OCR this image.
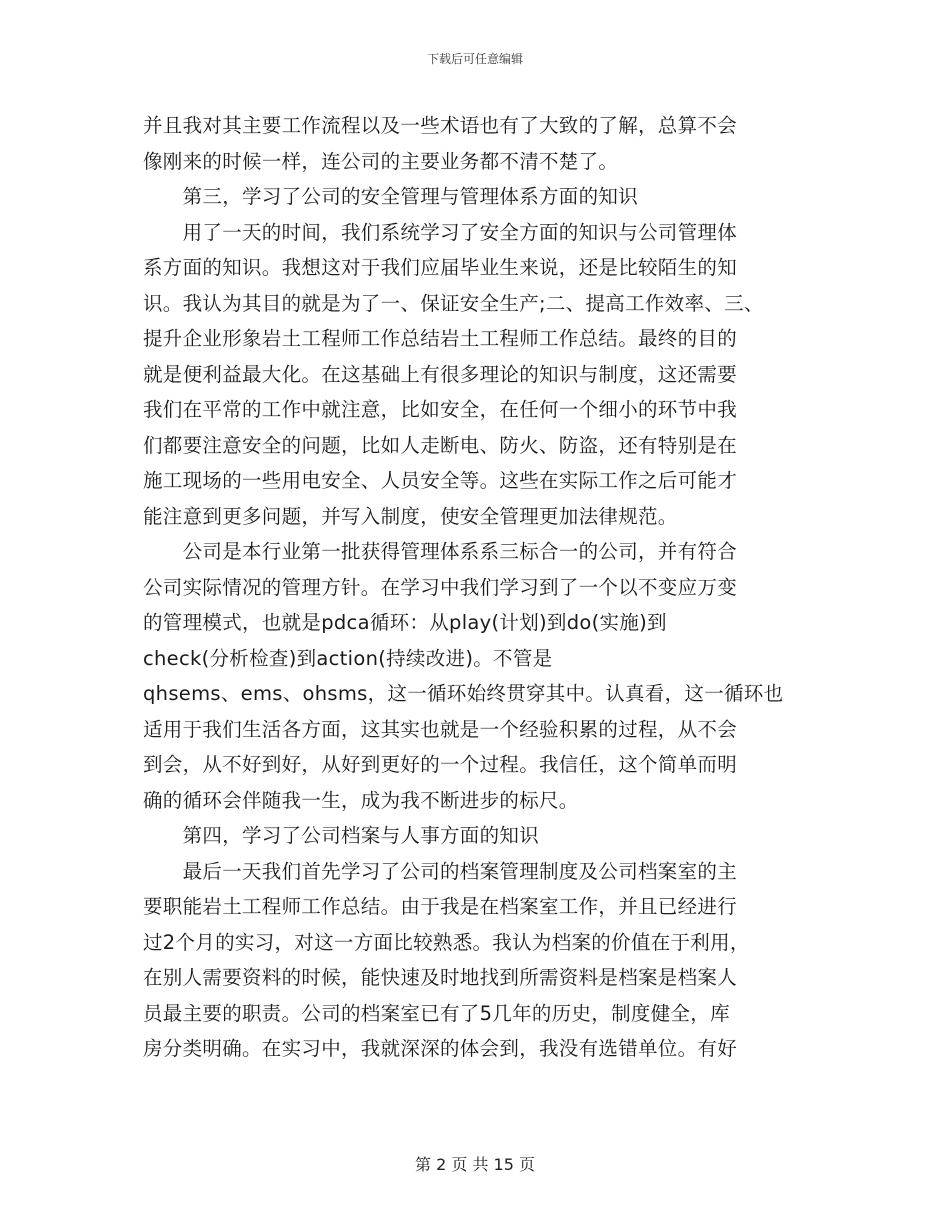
下载后可任意编辑
并且我对其主要工作流程以及一些术语也有了大致的了解，总算不会
像刚来的时候一样，连公司的主要业务都不清不楚了。
　　第三，学习了公司的安全管理与管理体系方面的知识
　　用了一天的时间，我们系统学习了安全方面的知识与公司管理体
系方面的知识。我想这对于我们应届毕业生来说，还是比较陌生的知
识。我认为其目的就是为了一、保证安全生产;二、提高工作效率、三、
提升企业形象岩土工程师工作总结岩土工程师工作总结。最终的目的
就是便利益最大化。在这基础上有很多理论的知识与制度，这还需要
我们在平常的工作中就注意，比如安全，在任何一个细小的环节中我
们都要注意安全的问题，比如人走断电、防火、防盗，还有特别是在
施工现场的一些用电安全、人员安全等。这些在实际工作之后可能才
能注意到更多问题，并写入制度，使安全管理更加法律规范。
　　公司是本行业第一批获得管理体系系三标合一的公司，并有符合
公司实际情况的管理方针。在学习中我们学习到了一个以不变应万变
的管理模式，也就是pdca循环：从play(计划)到do(实施)到
check(分析检查)到action(持续改进)。不管是
qhsems、ems、ohsms，这一循环始终贯穿其中。认真看，这一循环也
适用于我们生活各方面，这其实也就是一个经验积累的过程，从不会
到会，从不好到好，从好到更好的一个过程。我信任，这个简单而明
确的循环会伴随我一生，成为我不断进步的标尺。
　　第四，学习了公司档案与人事方面的知识
　　最后一天我们首先学习了公司的档案管理制度及公司档案室的主
要职能岩土工程师工作总结。由于我是在档案室工作，并且已经进行
过2个月的实习，对这一方面比较熟悉。我认为档案的价值在于利用，
在别人需要资料的时候，能快速及时地找到所需资料是档案是档案人
员最主要的职责。公司的档案室已有了5几年的历史，制度健全，库
房分类明确。在实习中，我就深深的体会到，我没有选错单位。有好
第 2 页 共 15 页
